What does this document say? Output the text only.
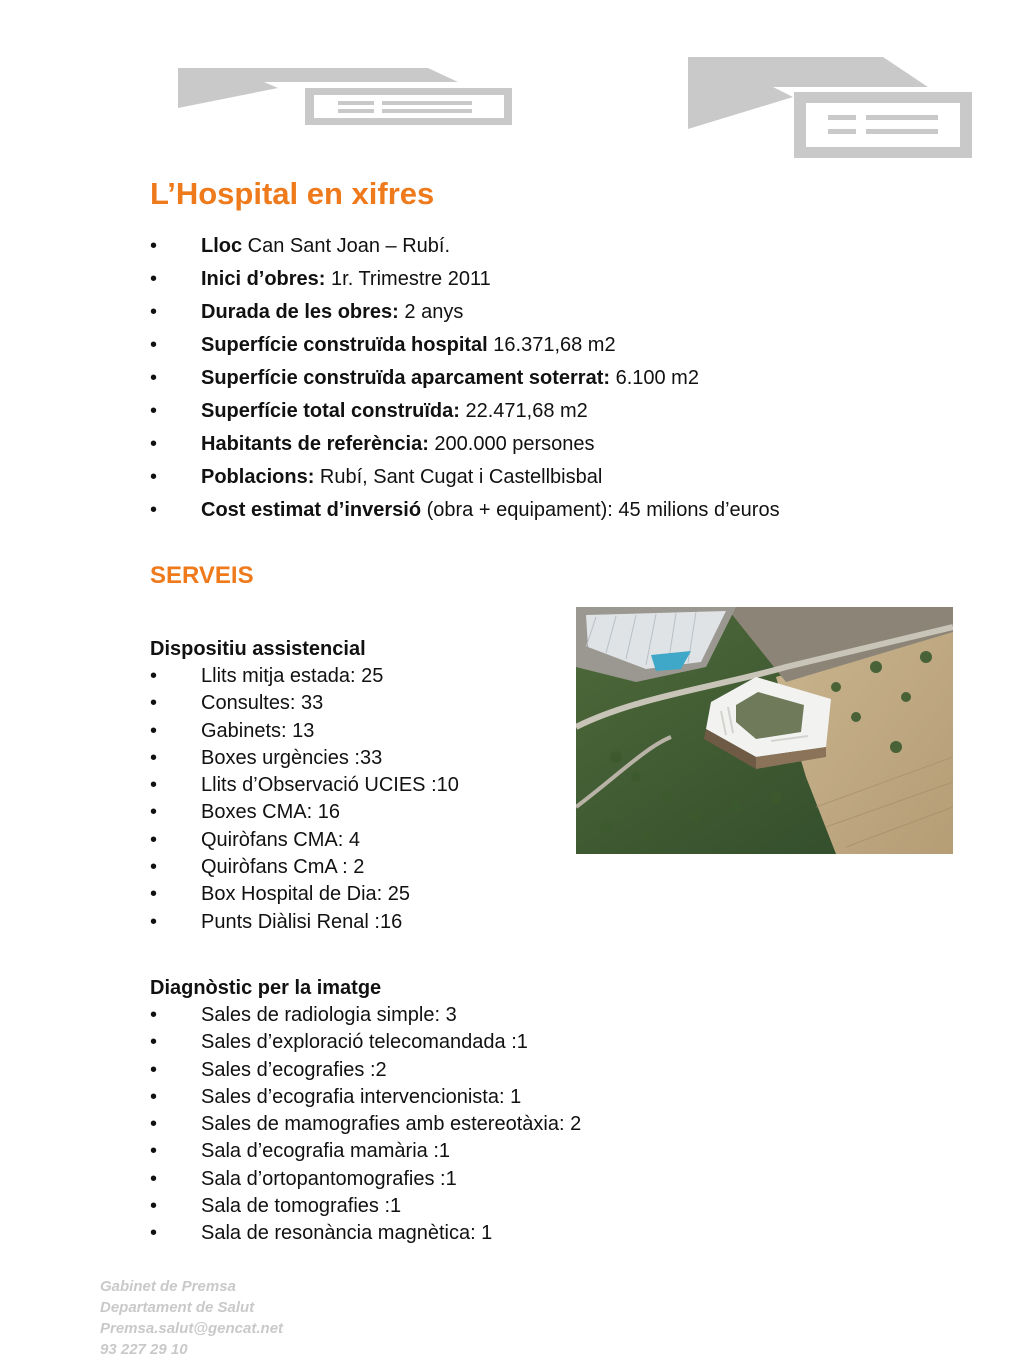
L’Hospital en xifres
• Lloc Can Sant Joan – Rubí.
• Inici d’obres: 1r. Trimestre 2011
• Durada de les obres: 2 anys
• Superfície construïda hospital 16.371,68 m2
• Superfície construïda aparcament soterrat: 6.100 m2
• Superfície total construïda: 22.471,68 m2
• Habitants de referència: 200.000 persones
• Poblacions: Rubí, Sant Cugat i Castellbisbal
• Cost estimat d’inversió (obra + equipament): 45 milions d’euros
SERVEIS
Dispositiu assistencial
• Llits mitja estada: 25
• Consultes: 33
• Gabinets: 13
• Boxes urgències :33
• Llits d’Observació UCIES :10
• Boxes CMA: 16
• Quiròfans CMA: 4
• Quiròfans CmA : 2
• Box Hospital de Dia: 25
• Punts Diàlisi Renal :16
Diagnòstic per la imatge
• Sales de radiologia simple: 3
• Sales d’exploració telecomandada :1
• Sales d’ecografies :2
• Sales d’ecografia intervencionista: 1
• Sales de mamografies amb estereotàxia: 2
• Sala d’ecografia mamària :1
• Sala d’ortopantomografies :1
• Sala de tomografies :1
• Sala de resonància magnètica: 1
Gabinet de Premsa
Departament de Salut
Premsa.salut@gencat.net
93 227 29 10
